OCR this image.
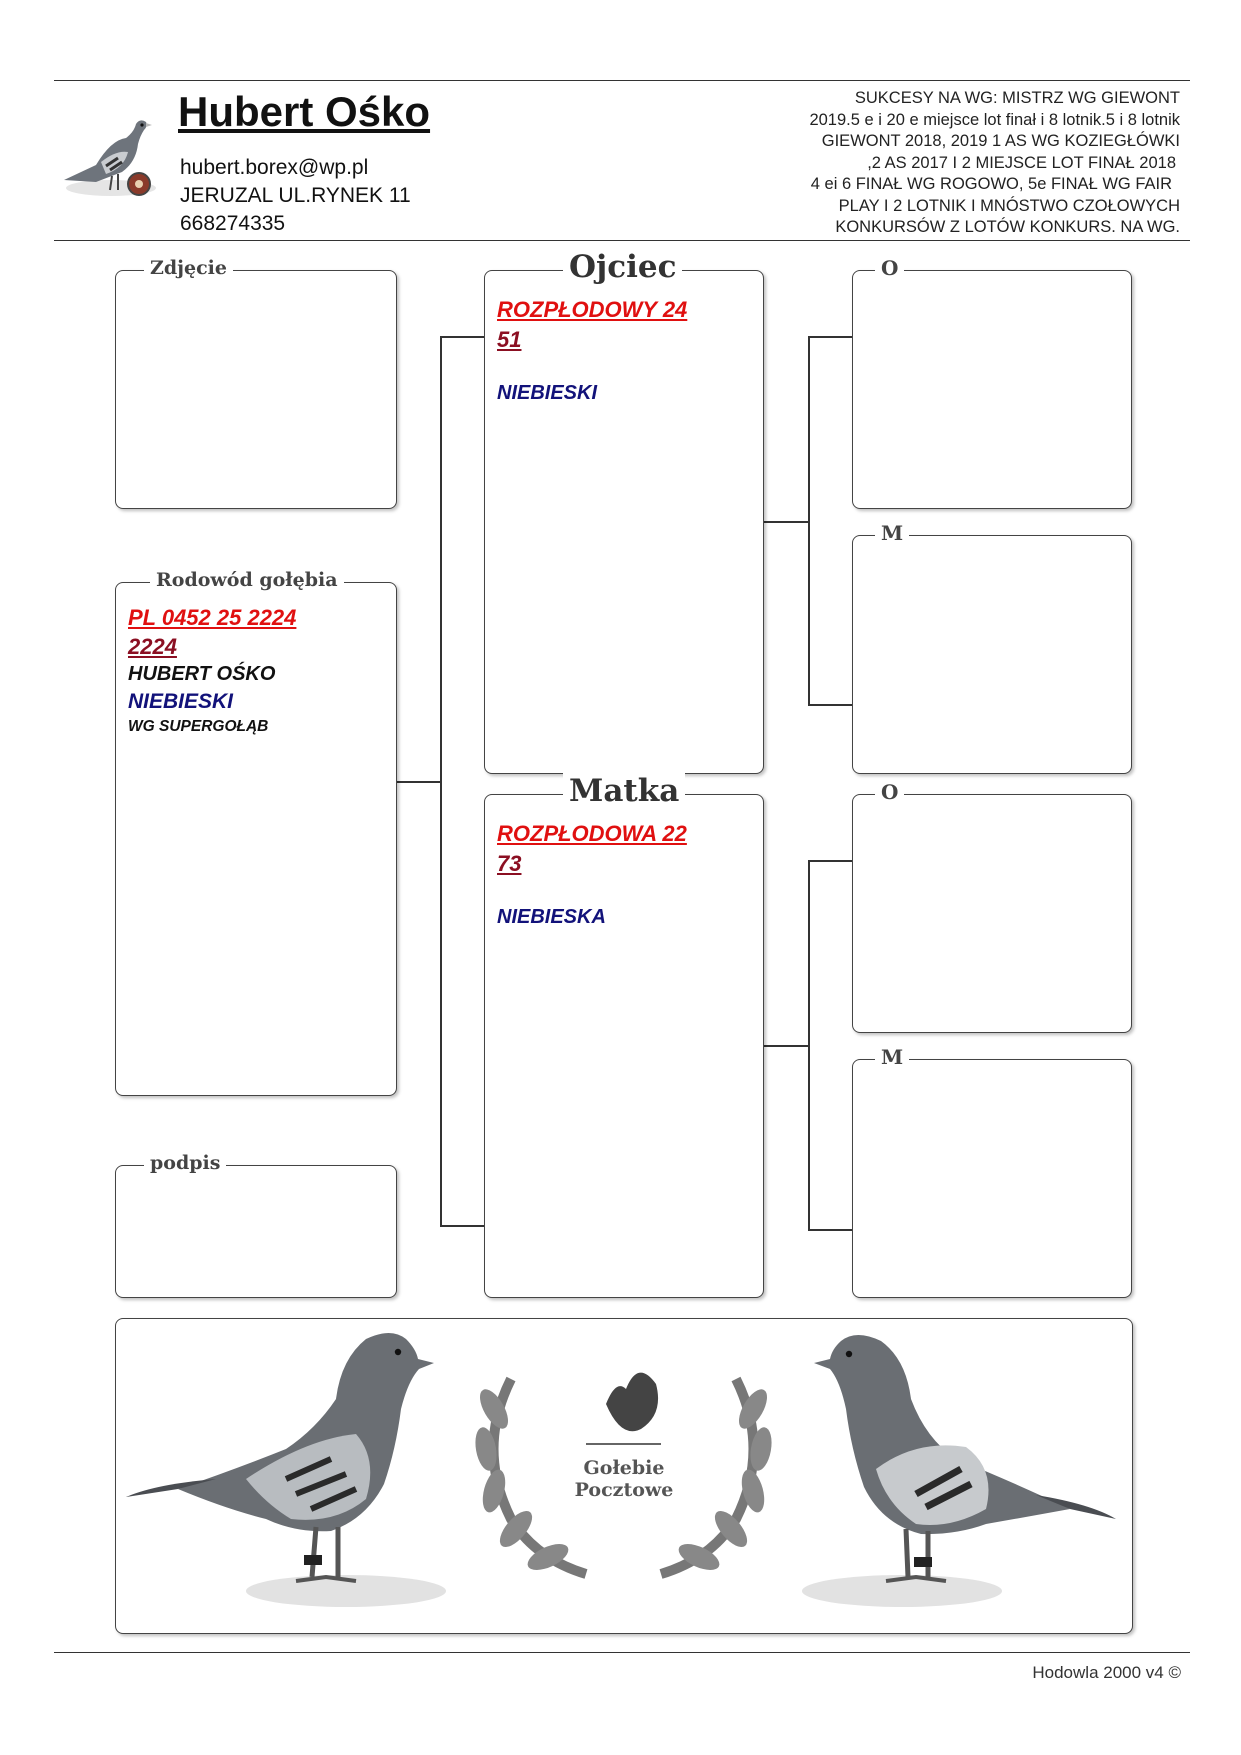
Hubert Ośko
hubert.borex@wp.pl
JERUZAL UL.RYNEK 11
668274335
SUKCESY NA WG: MISTRZ WG GIEWONT
2019.5 e i 20 e miejsce lot finał i 8 lotnik.5 i 8 lotnik
GIEWONT 2018, 2019 1 AS WG KOZIEGŁÓWKI
,2 AS 2017 I 2 MIEJSCE LOT FINAŁ 2018
4 ei 6 FINAŁ WG ROGOWO, 5e FINAŁ WG FAIR
PLAY I 2 LOTNIK I MNÓSTWO CZOŁOWYCH
KONKURSÓW Z LOTÓW KONKURS. NA WG.
Zdjęcie
Rodowód gołębia
PL 0452 25 2224
2224
HUBERT OŚKO
NIEBIESKI
WG SUPERGOŁĄB
podpis
Ojciec
ROZPŁODOWY 24
51
NIEBIESKI
Matka
ROZPŁODOWA 22
73
NIEBIESKA
O
M
O
M
Gołebie
Pocztowe
Hodowla 2000 v4 ©
